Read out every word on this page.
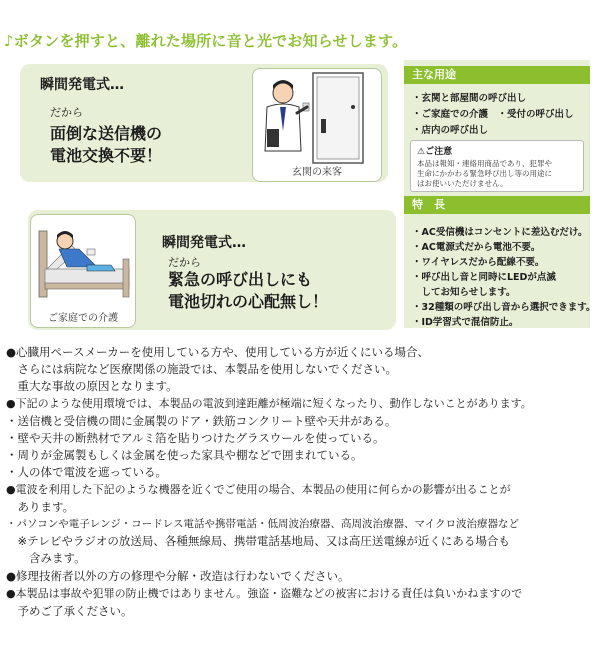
♪ボタンを押すと、離れた場所に音と光でお知らせします。
瞬間発電式…
だから
面倒な送信機の
電池交換不要！
玄関の来客
瞬間発電式…
だから
緊急の呼び出しにも
電池切れの心配無し！
ご家庭での介護
主な用途
・玄関と部屋間の呼び出し
・ご家庭での介護　・受付の呼び出し
・店内の呼び出し
⚠ご注意
本品は報知・連絡用商品であり、犯罪や
生命にかかわる緊急呼び出し等の用途に
はお使いいただけません。
特　長
・AC受信機はコンセントに差込むだけ。
・AC電源式だから電池不要。
・ワイヤレスだから配線不要。
・呼び出し音と同時にLEDが点滅
　してお知らせします。
・32種類の呼び出し音から選択できます。
・ID学習式で混信防止。
●心臓用ペースメーカーを使用している方や、使用している方が近くにいる場合、
　さらには病院など医療関係の施設では、本製品を使用しないでください。
　重大な事故の原因となります。
●下記のような使用環境では、本製品の電波到達距離が極端に短くなったり、動作しないことがあります。
・送信機と受信機の間に金属製のドア・鉄筋コンクリート壁や天井がある。
・壁や天井の断熱材でアルミ箔を貼りつけたグラスウールを使っている。
・周りが金属製もしくは金属を使った家具や棚などで囲まれている。
・人の体で電波を遮っている。
●電波を利用した下記のような機器を近くでご使用の場合、本製品の使用に何らかの影響が出ることが
　あります。
・パソコンや電子レンジ・コードレス電話や携帯電話・低周波治療器、高周波治療器、マイクロ波治療器など
　※テレビやラジオの放送局、各種無線局、携帯電話基地局、又は高圧送電線が近くにある場合も
　　含みます。
●修理技術者以外の方の修理や分解・改造は行わないでください。
●本製品は事故や犯罪の防止機ではありません。強盗・盗難などの被害における責任は負いかねますので
　予めご了承ください。
